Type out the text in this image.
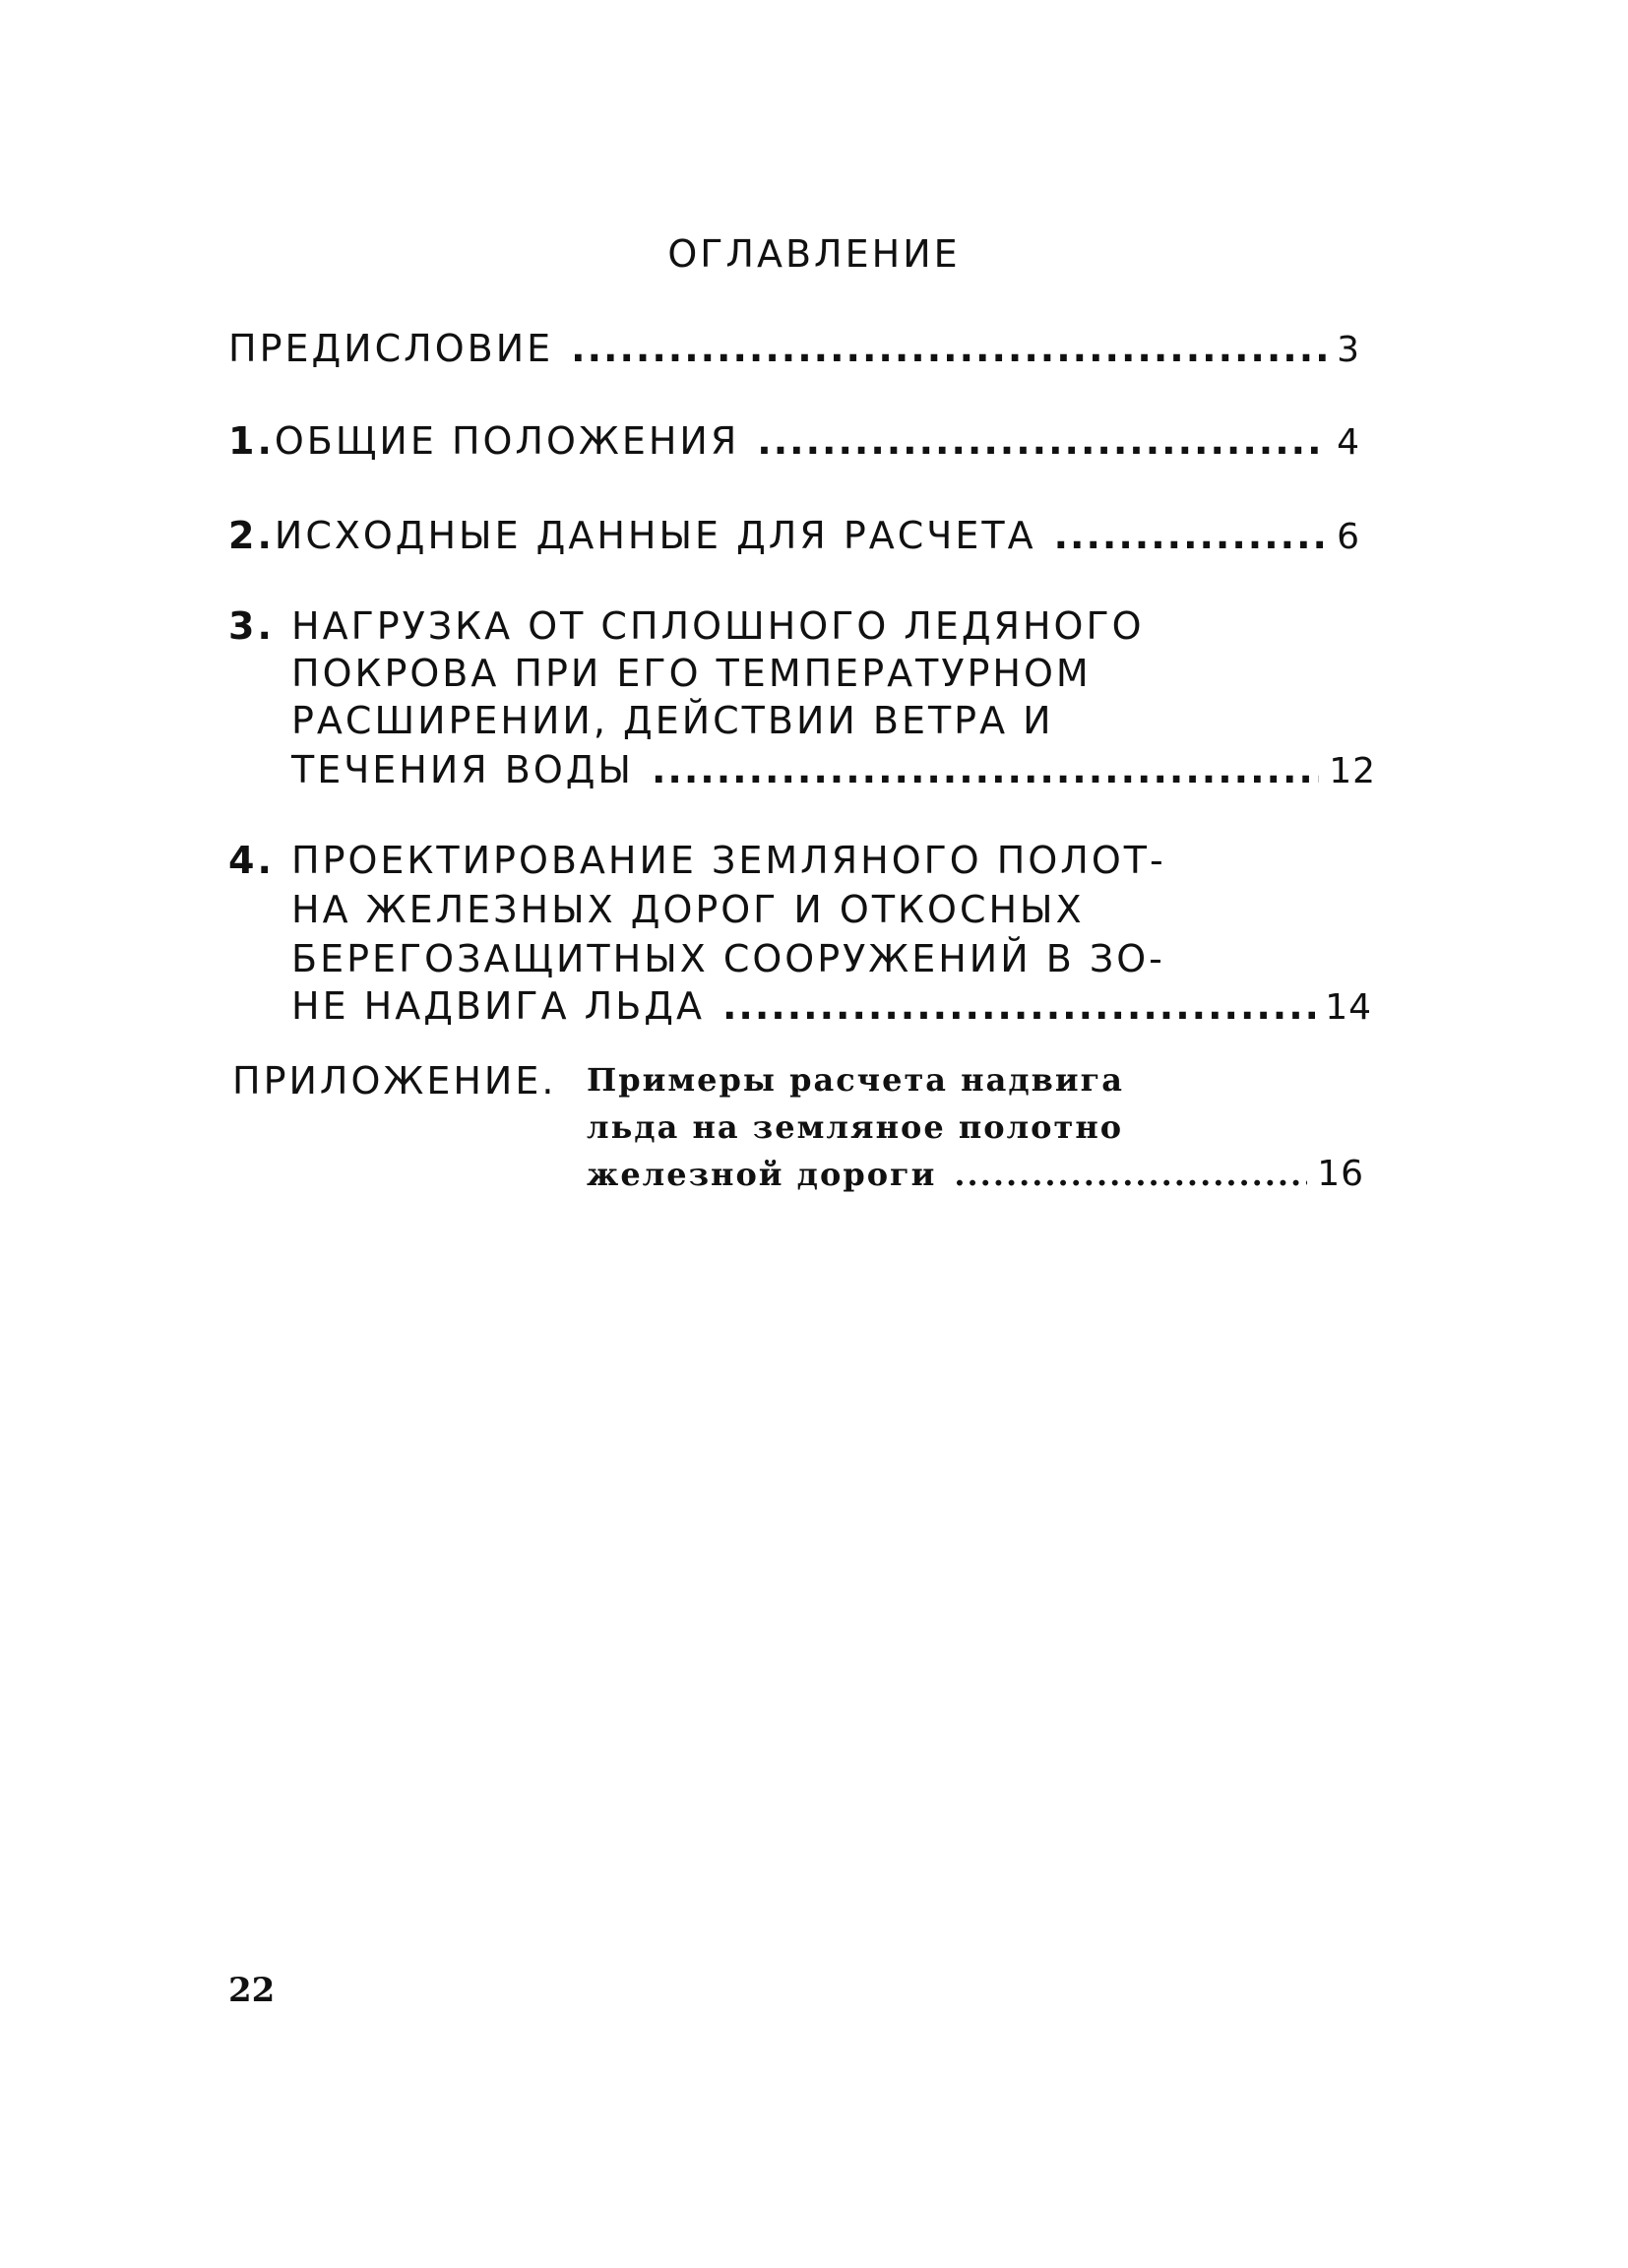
ОГЛАВЛЕНИЕ
ПРЕДИСЛОВИЕ .....	3
1. ОБЩИЕ ПОЛОЖЕНИЯ .....	4
2. ИСХОДНЫЕ ДАННЫЕ ДЛЯ РАСЧЕТА .....	6
3. НАГРУЗКА ОТ СПЛОШНОГО ЛЕДЯНОГО
ПОКРОВА ПРИ ЕГО ТЕМПЕРАТУРНОМ
РАСШИРЕНИИ, ДЕЙСТВИИ ВЕТРА И
ТЕЧЕНИЯ ВОДЫ .....	12
4. ПРОЕКТИРОВАНИЕ ЗЕМЛЯНОГО ПОЛОТ-
НА ЖЕЛЕЗНЫХ ДОРОГ И ОТКОСНЫХ
БЕРЕГОЗАЩИТНЫХ СООРУЖЕНИЙ В ЗО-
НЕ НАДВИГА ЛЬДА .....	14
ПРИЛОЖЕНИЕ. Примеры расчета надвига
льда на земляное полотно
железной дороги .....	16
22
